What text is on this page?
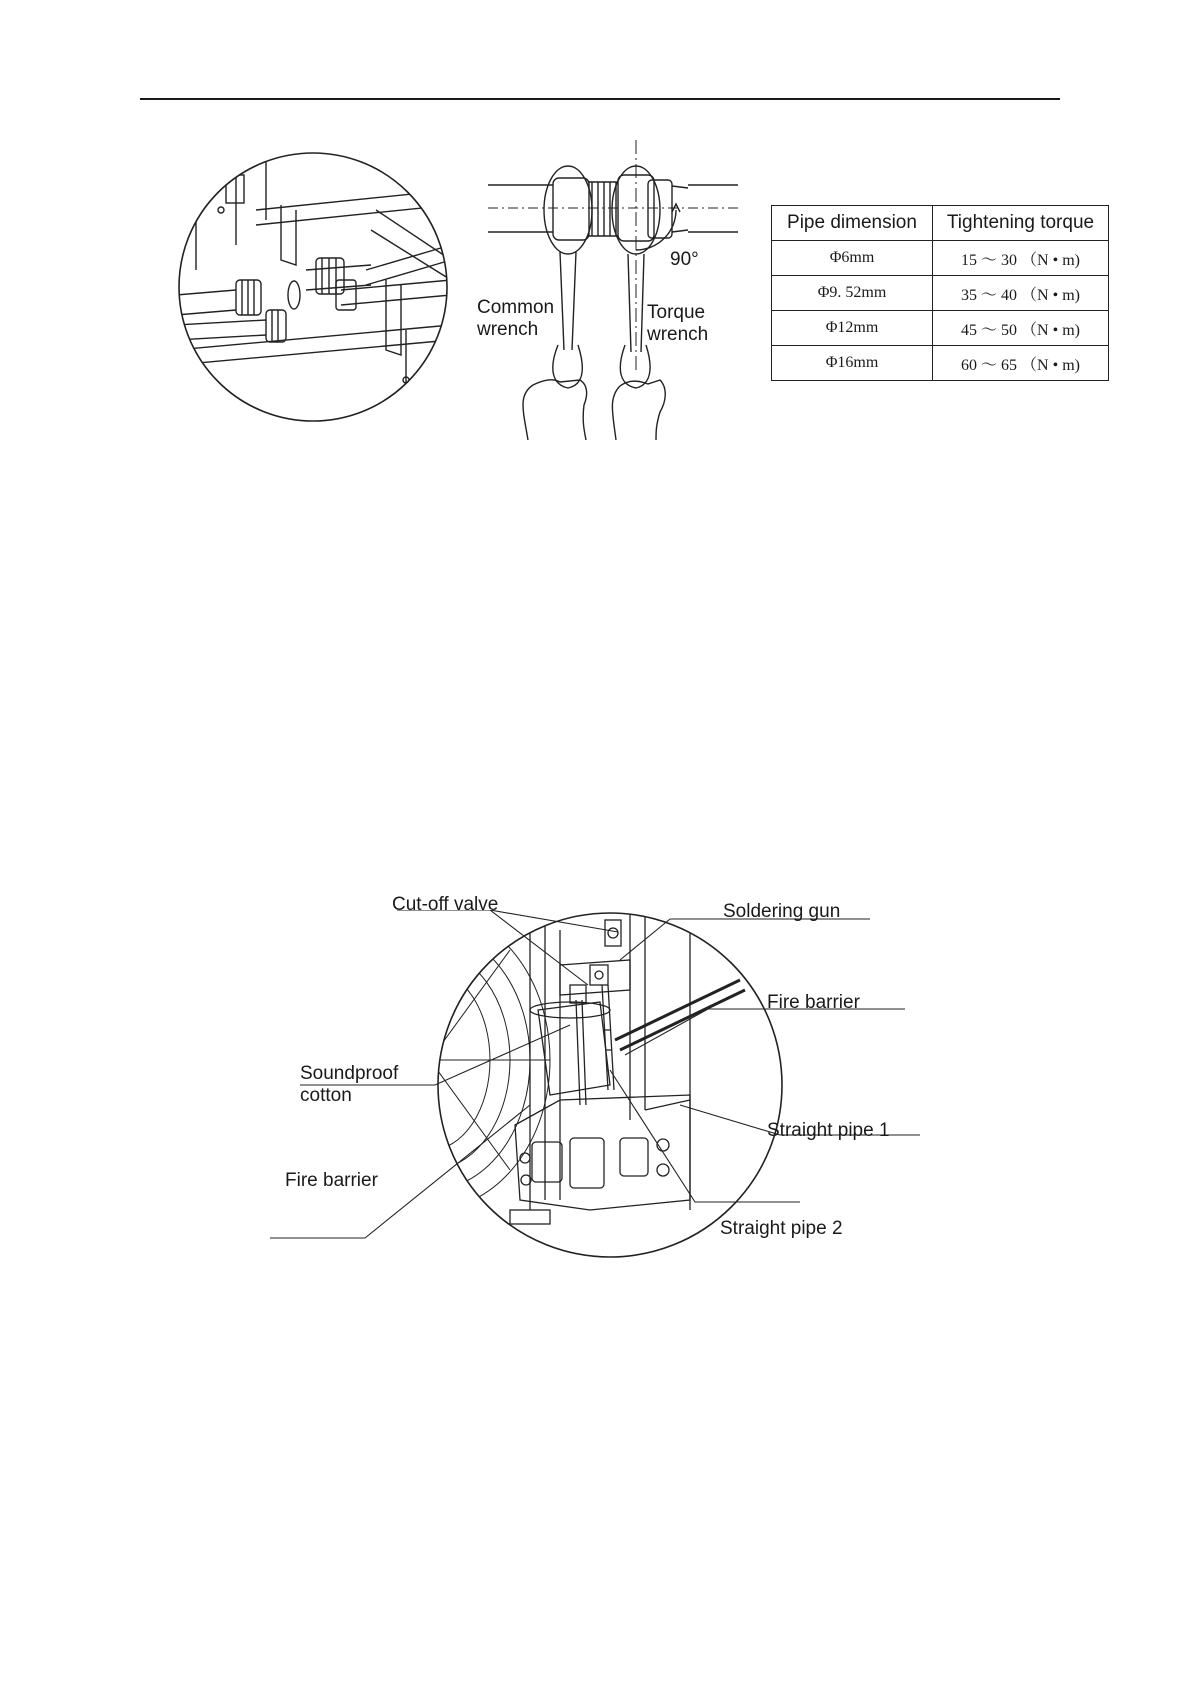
Common
wrench
Torque
wrench
90°
Pipe dimension	Tightening torque
Φ6mm	15 ～ 30 （N • m)
Φ9. 52mm	35 ～ 40 （N • m)
Φ12mm	45 ～ 50 （N • m)
Φ16mm	60 ～ 65 （N • m)
Cut-off valve	Soldering gun
Fire barrier
Soundproof
cotton
Straight pipe 1
Fire barrier
Straight pipe 2
